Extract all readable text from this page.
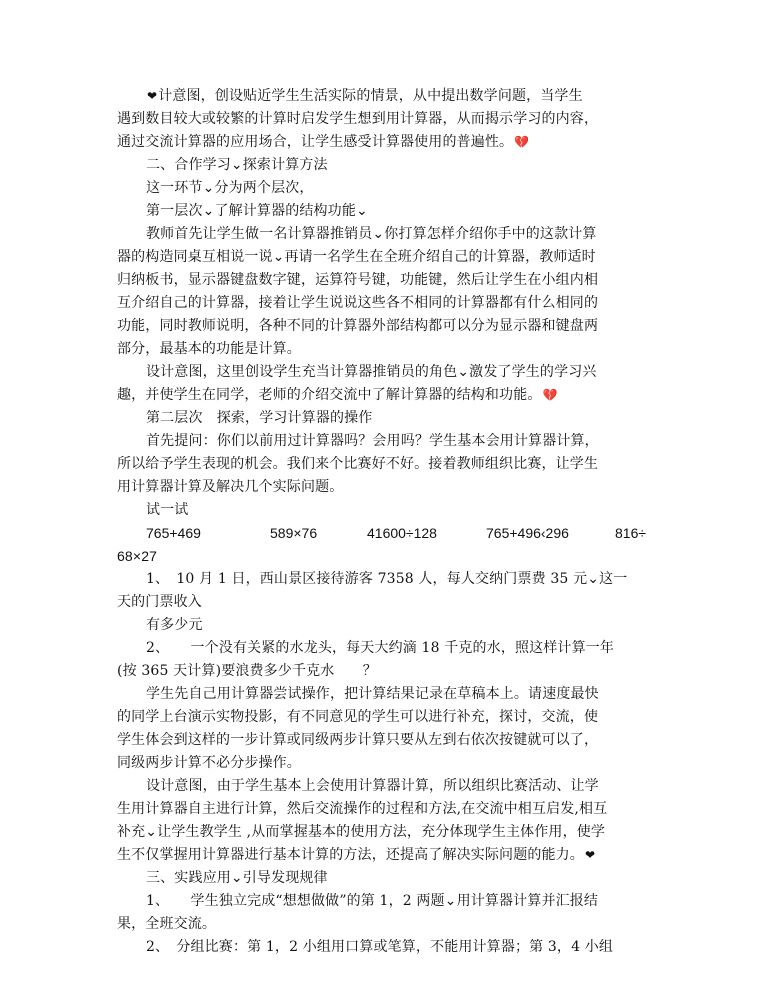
❤计意图，创设贴近学生生活实际的情景，从中提出数学问题，当学生
遇到数目较大或较繁的计算时启发学生想到用计算器，从而揭示学习的内容，
通过交流计算器的应用场合，让学生感受计算器使用的普遍性。💔
二、合作学习⌄探索计算方法
这一环节⌄分为两个层次，
第一层次⌄了解计算器的结构功能⌄
教师首先让学生做一名计算器推销员⌄你打算怎样介绍你手中的这款计算
器的构造同桌互相说一说⌄再请一名学生在全班介绍自己的计算器，教师适时
归纳板书，显示器键盘数字键，运算符号键，功能键，然后让学生在小组内相
互介绍自己的计算器，接着让学生说说这些各不相同的计算器都有什么相同的
功能，同时教师说明，各种不同的计算器外部结构都可以分为显示器和键盘两
部分，最基本的功能是计算。
设计意图，这里创设学生充当计算器推销员的角色⌄激发了学生的学习兴
趣，并使学生在同学，老师的介绍交流中了解计算器的结构和功能。💔
第二层次　探索，学习计算器的操作
首先提问：你们以前用过计算器吗？会用吗？学生基本会用计算器计算，
所以给予学生表现的机会。我们来个比赛好不好。接着教师组织比赛，让学生
用计算器计算及解决几个实际问题。
试一试
765+469	589×76	41600÷128	765+496‹296	816÷
68×27
1、　10 月 1 日，西山景区接待游客 7358 人，每人交纳门票费 35 元⌄这一
天的门票收入
有多少元
2、　　一个没有关紧的水龙头，每天大约滴 18 千克的水，照这样计算一年
(按 365 天计算)要浪费多少千克水　　？
学生先自己用计算器尝试操作，把计算结果记录在草稿本上。请速度最快
的同学上台演示实物投影，有不同意见的学生可以进行补充，探讨，交流，使
学生体会到这样的一步计算或同级两步计算只要从左到右依次按键就可以了，
同级两步计算不必分步操作。
设计意图，由于学生基本上会使用计算器计算，所以组织比赛活动、让学
生用计算器自主进行计算，然后交流操作的过程和方法,在交流中相互启发,相互
补充⌄让学生教学生 ,从而掌握基本的使用方法，充分体现学生主体作用，使学
生不仅掌握用计算器进行基本计算的方法，还提高了解决实际问题的能力。❤
三、实践应用⌄引导发现规律
1、　　学生独立完成“想想做做”的第 1，2 两题⌄用计算器计算并汇报结
果，全班交流。
2、　分组比赛：第 1，2 小组用口算或笔算，不能用计算器；第 3，4 小组
